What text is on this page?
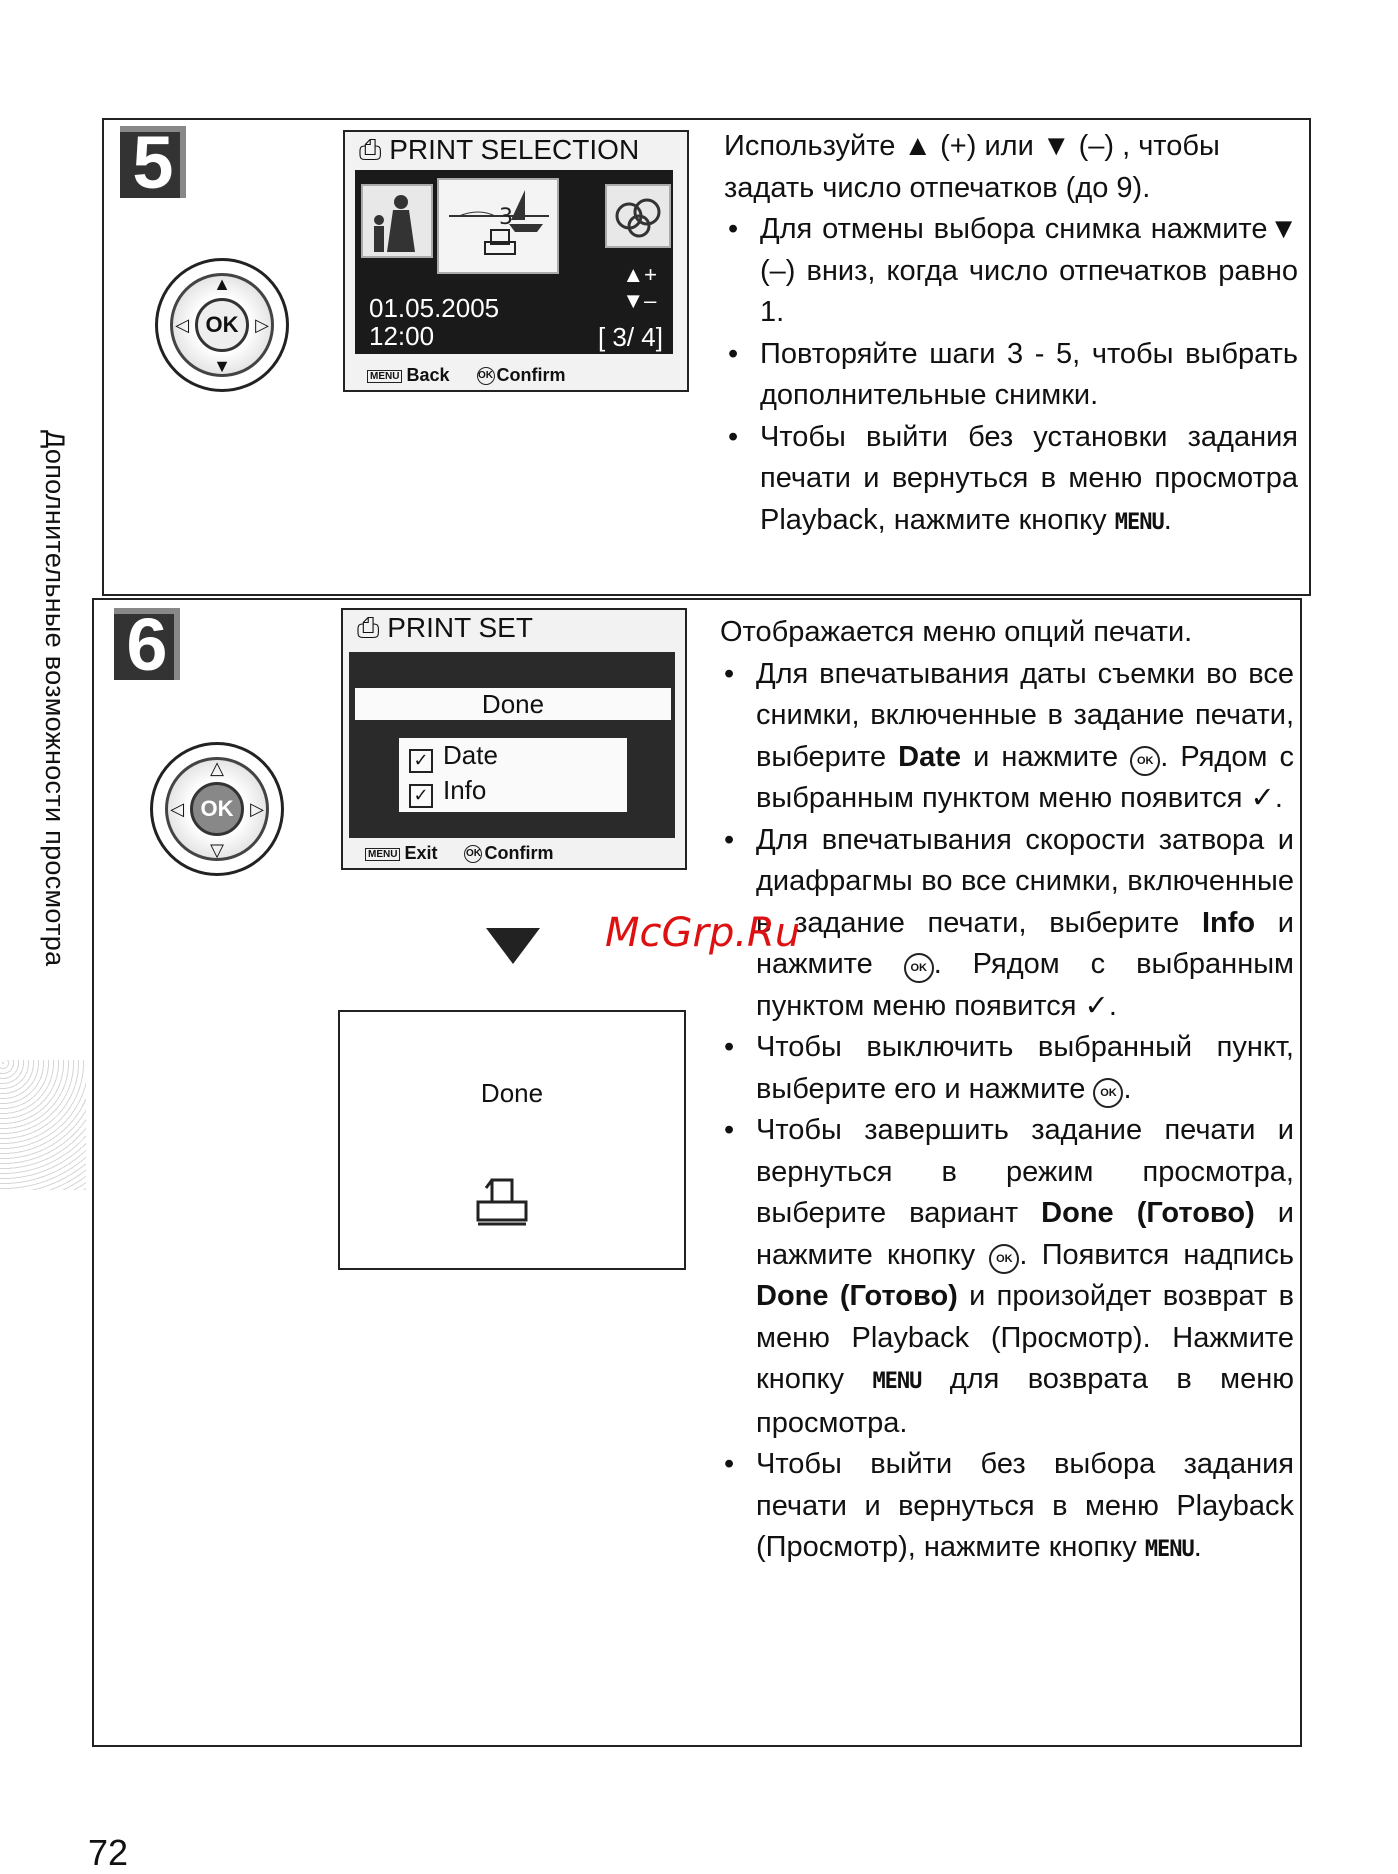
Дополнительные возможности просмотра
5
▲
▼
◁	▷
OK
⎙ PRINT SELECTION
3
▲+
▼–
01.05.2005
12:00	[ 3/ 4]
MENU Back	OK Confirm

Используйте ▲ (+) или ▼ (–) , чтобы задать число отпечатков (до 9).

• Для отмены выбора снимка нажмите▼ (–) вниз, когда число отпечатков равно 1.
• Повторяйте шаги 3 - 5, чтобы выбрать дополнительные снимки.
• Чтобы выйти без установки задания печати и вернуться в меню просмотра Playback, нажмите кнопку MENU.
6
△
▽
◁	▷
OK
⎙ PRINT SET
Done
✓ Date
✓ Info
MENU Exit	OK Confirm
Done

Отображается меню опций печати.

• Для впечатывания даты съемки во все снимки, включенные в задание печати, выберите Date и нажмите OK . Рядом с выбранным пунктом меню появится ✓.
• Для впечатывания скорости затвора и диафрагмы во все снимки, включенные в задание печати, выберите Info и нажмите	OK . Рядом с выбранным пунктом меню появится ✓.
• Чтобы выключить выбранный пункт, выберите его и нажмите OK .
• Чтобы завершить задание печати и вернуться в режим просмотра, выберите вариант Done (Готово) и нажмите кнопку OK . Появится надпись Done (Готово) и произойдет возврат в меню Playback (Просмотр). Нажмите кнопку MENU для возврата в меню просмотра.
• Чтобы выйти без выбора задания печати и вернуться в меню Playback (Просмотр), нажмите кнопку MENU.
McGrp.Ru
72
